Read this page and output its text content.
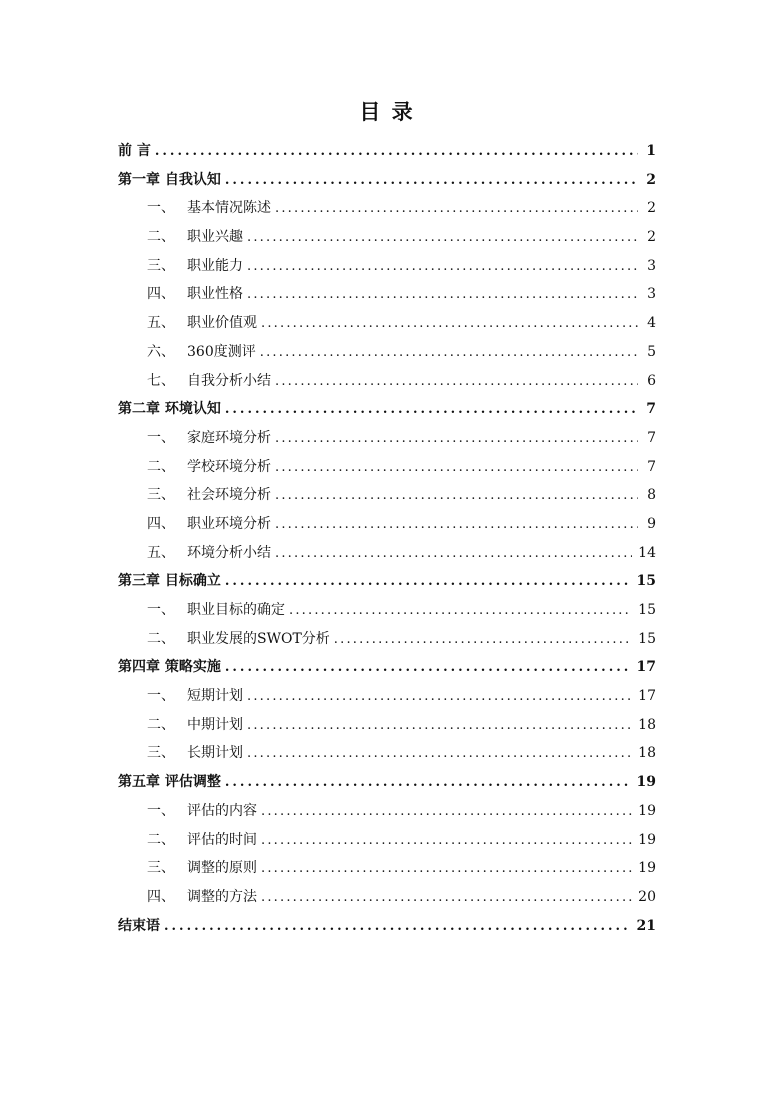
目 录
前 言 .....	1
第一章 自我认知 .....	2
一、 基本情况陈述 .....	2
二、 职业兴趣 .....	2
三、 职业能力 .....	3
四、 职业性格 .....	3
五、 职业价值观 .....	4
六、 360度测评 .....	5
七、 自我分析小结 .....	6
第二章 环境认知 .....	7
一、 家庭环境分析 .....	7
二、 学校环境分析 .....	7
三、 社会环境分析 .....	8
四、 职业环境分析 .....	9
五、 环境分析小结 .....	14
第三章 目标确立 .....	15
一、 职业目标的确定 .....	15
二、 职业发展的SWOT分析 .....	15
第四章 策略实施 .....	17
一、 短期计划 .....	17
二、 中期计划 .....	18
三、 长期计划 .....	18
第五章 评估调整 .....	19
一、 评估的内容 .....	19
二、 评估的时间 .....	19
三、 调整的原则 .....	19
四、 调整的方法 .....	20
结束语 .....	21
